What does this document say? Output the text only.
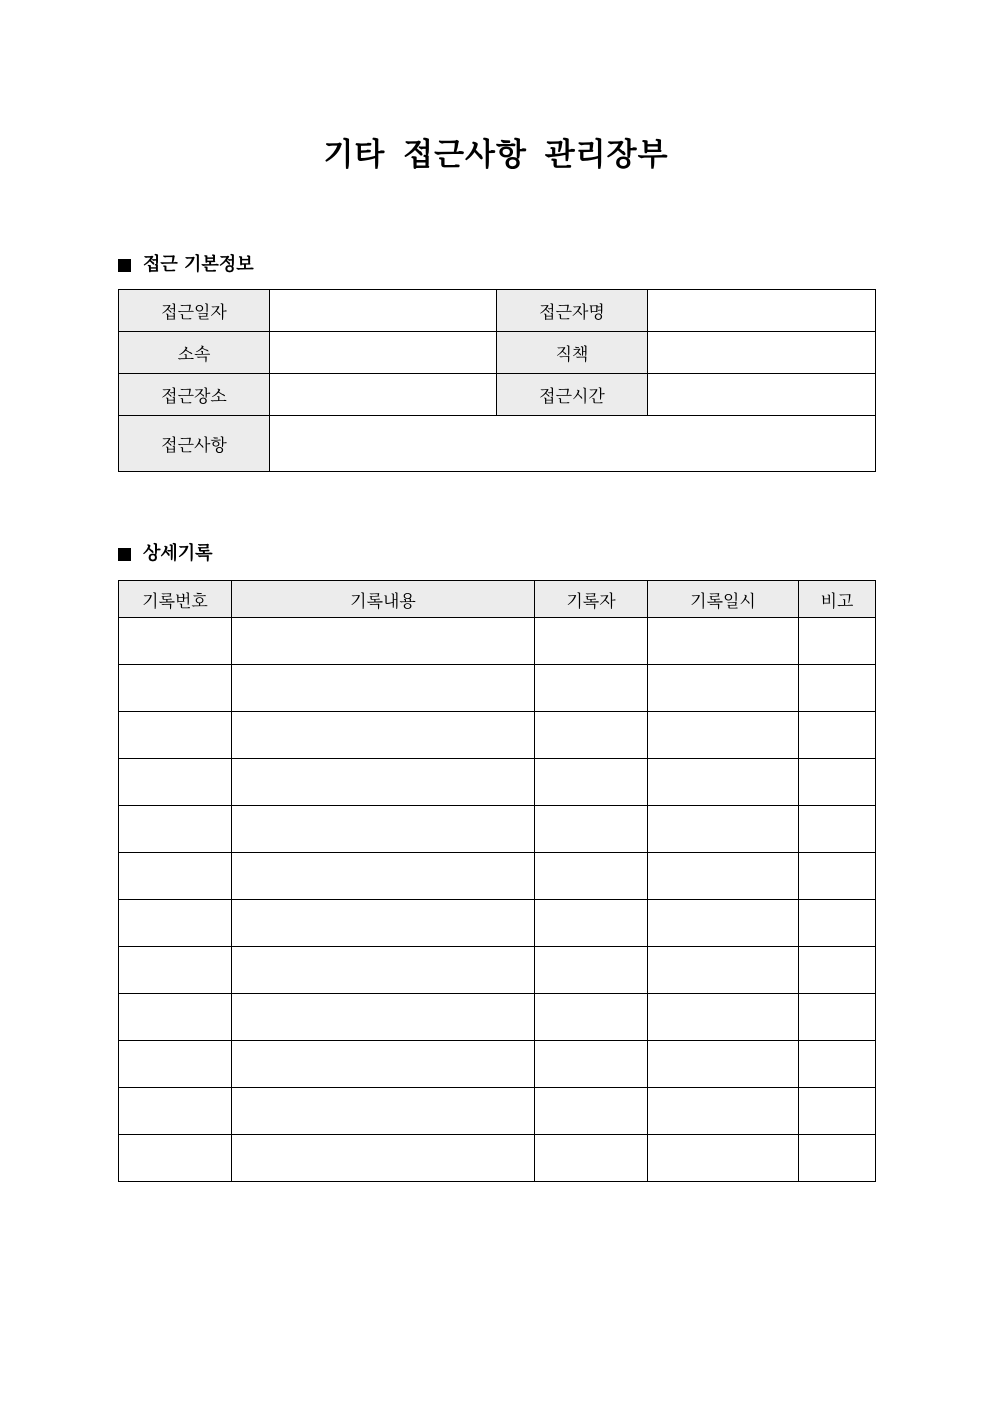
기타 접근사항 관리장부
접근 기본정보
접근일자		접근자명	
소속		직책	
접근장소		접근시간	
접근사항			
상세기록
기록번호	기록내용	기록자	기록일시	비고
